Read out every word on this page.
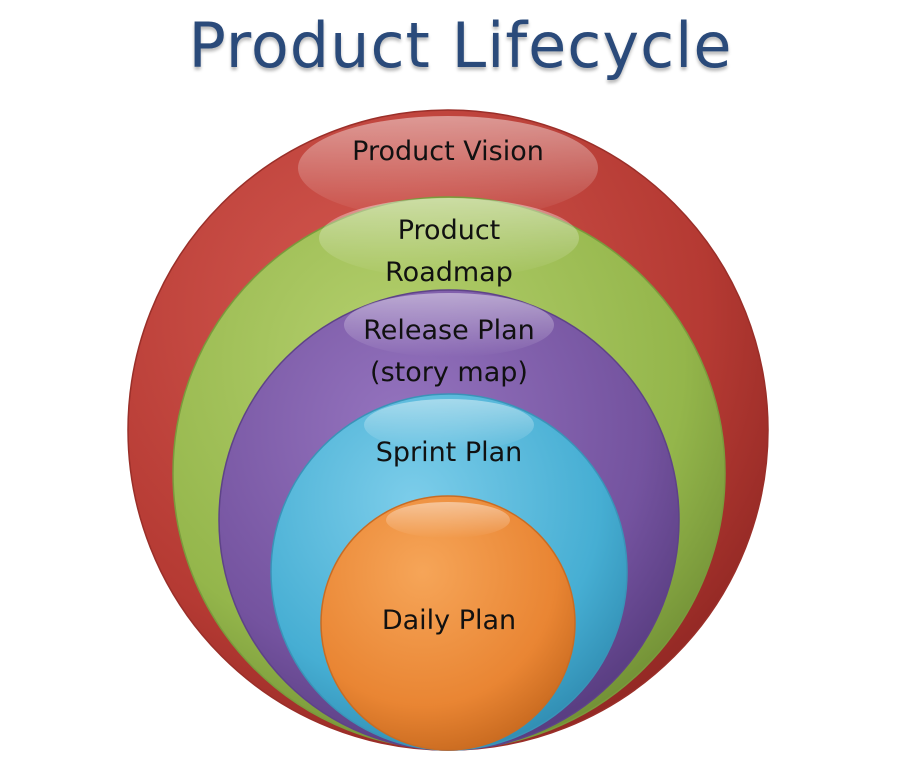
Product Lifecycle
Product Vision
Product
Roadmap
Release Plan
(story map)
Sprint Plan
Daily Plan
